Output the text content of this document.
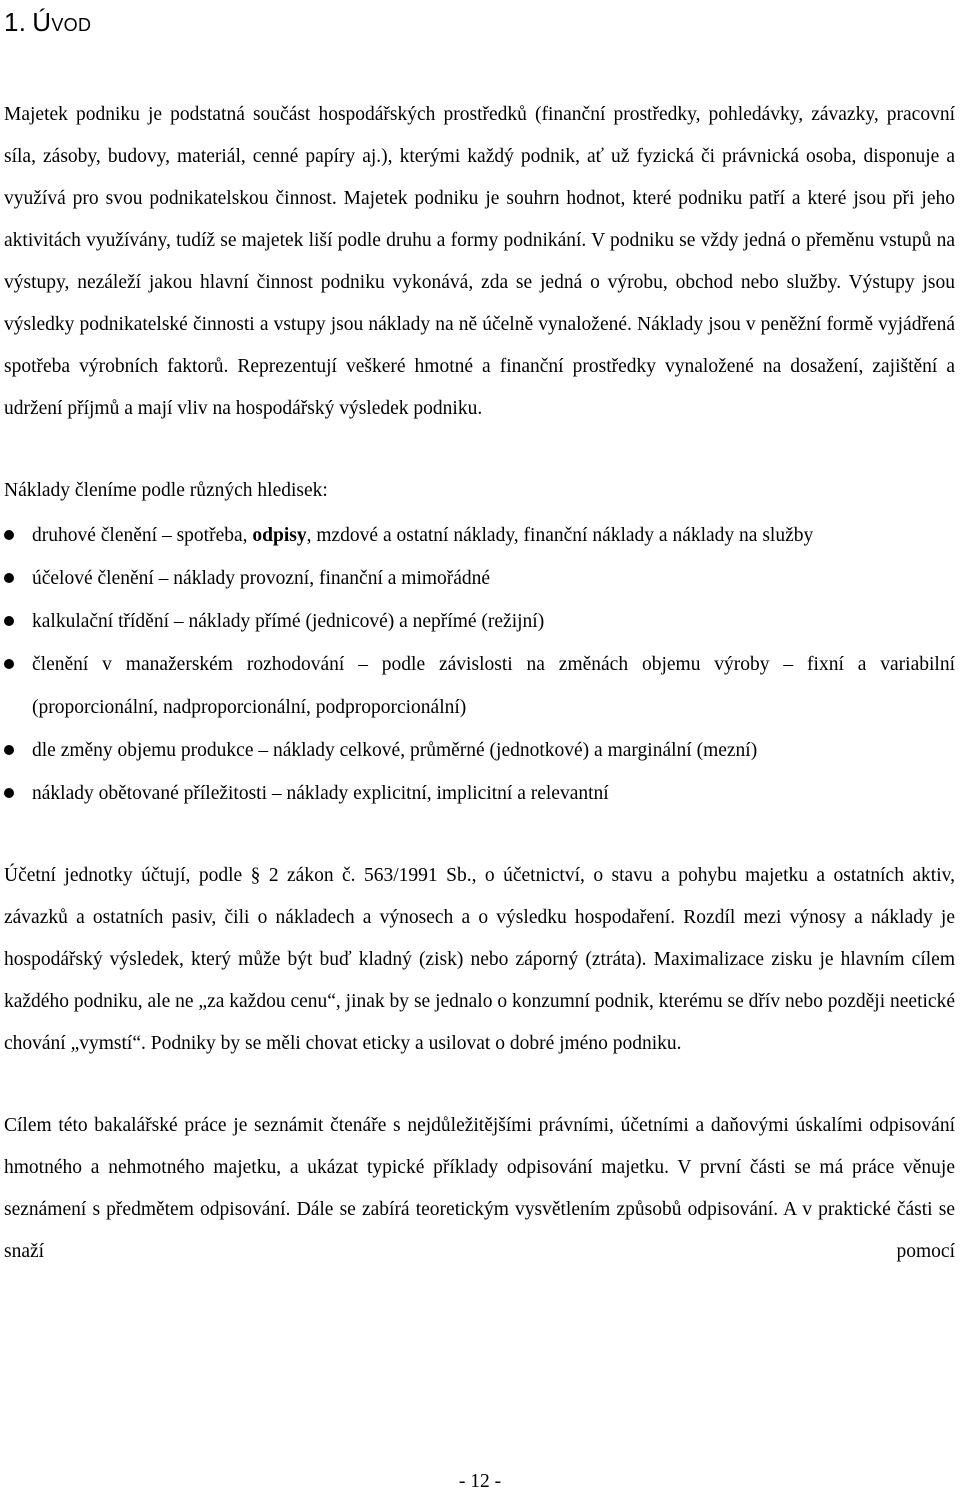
1. Úvod

Majetek podniku je podstatná součást hospodářských prostředků (finanční prostředky, pohledávky, závazky, pracovní síla, zásoby, budovy, materiál, cenné papíry aj.), kterými každý podnik, ať už fyzická či právnická osoba, disponuje a využívá pro svou podnikatelskou činnost. Majetek podniku je souhrn hodnot, které podniku patří a které jsou při jeho aktivitách využívány, tudíž se majetek liší podle druhu a formy podnikání. V podniku se vždy jedná o přeměnu vstupů na výstupy, nezáleží jakou hlavní činnost podniku vykonává, zda se jedná o výrobu, obchod nebo služby. Výstupy jsou výsledky podnikatelské činnosti a vstupy jsou náklady na ně účelně vynaložené. Náklady jsou v peněžní formě vyjádřená spotřeba výrobních faktorů. Reprezentují veškeré hmotné a finanční prostředky vynaložené na dosažení, zajištění a udržení příjmů a mají vliv na hospodářský výsledek podniku.

Náklady členíme podle různých hledisek:

druhové členění – spotřeba, odpisy, mzdové a ostatní náklady, finanční náklady a náklady na služby
účelové členění – náklady provozní, finanční a mimořádné
kalkulační třídění – náklady přímé (jednicové) a nepřímé (režijní)
členění v manažerském rozhodování – podle závislosti na změnách objemu výroby – fixní a variabilní (proporcionální, nadproporcionální, podproporcionální)
dle změny objemu produkce – náklady celkové, průměrné (jednotkové) a marginální (mezní)
náklady obětované příležitosti – náklady explicitní, implicitní a relevantní

Účetní jednotky účtují, podle § 2 zákon č. 563/1991 Sb., o účetnictví, o stavu a pohybu majetku a ostatních aktiv, závazků a ostatních pasiv, čili o nákladech a výnosech a o výsledku hospodaření. Rozdíl mezi výnosy a náklady je hospodářský výsledek, který může být buď kladný (zisk) nebo záporný (ztráta). Maximalizace zisku je hlavním cílem každého podniku, ale ne „za každou cenu“, jinak by se jednalo o konzumní podnik, kterému se dřív nebo později neetické chování „vymstí“. Podniky by se měli chovat eticky a usilovat o dobré jméno podniku.

Cílem této bakalářské práce je seznámit čtenáře s nejdůležitějšími právními, účetními a daňovými úskalími odpisování hmotného a nehmotného majetku, a ukázat typické příklady odpisování majetku. V první části se má práce věnuje seznámení s předmětem odpisování. Dále se zabírá teoretickým vysvětlením způsobů odpisování. A v praktické části se snaží pomocí

- 12 -
